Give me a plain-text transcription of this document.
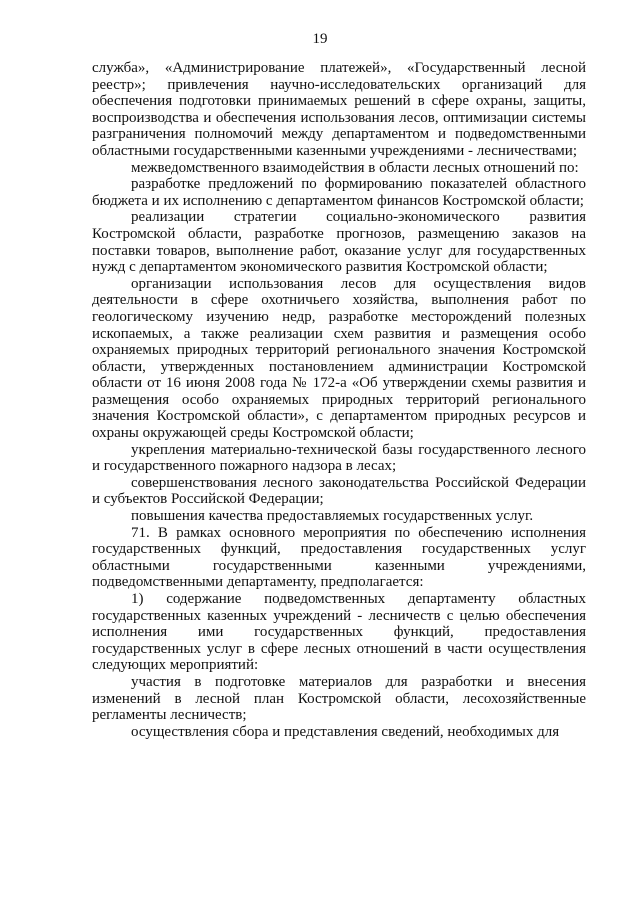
19

служба», «Администрирование платежей», «Государственный лесной реестр»; привлечения научно-исследовательских организаций для обеспечения подготовки принимаемых решений в сфере охраны, защиты, воспроизводства и обеспечения использования лесов, оптимизации системы разграничения полномочий между департаментом и подведомственными областными государственными казенными учреждениями - лесничествами;

межведомственного взаимодействия в области лесных отношений по:

разработке предложений по формированию показателей областного бюджета и их исполнению с департаментом финансов Костромской области;

реализации стратегии социально-экономического развития Костромской области, разработке прогнозов, размещению заказов на поставки товаров, выполнение работ, оказание услуг для государственных нужд с департаментом экономического развития Костромской области;

организации использования лесов для осуществления видов деятельности в сфере охотничьего хозяйства, выполнения работ по геологическому изучению недр, разработке месторождений полезных ископаемых, а также реализации схем развития и размещения особо охраняемых природных территорий регионального значения Костромской области, утвержденных постановлением администрации Костромской области от 16 июня 2008 года № 172-а «Об утверждении схемы развития и размещения особо охраняемых природных территорий регионального значения Костромской области», с департаментом природных ресурсов и охраны окружающей среды Костромской области;

укрепления материально-технической базы государственного лесного и государственного пожарного надзора в лесах;

совершенствования лесного законодательства Российской Федерации и субъектов Российской Федерации;

повышения качества предоставляемых государственных услуг.

71. В рамках основного мероприятия по обеспечению исполнения государственных функций, предоставления государственных услуг областными государственными казенными учреждениями, подведомственными департаменту, предполагается:

1) содержание подведомственных департаменту областных государственных казенных учреждений - лесничеств с целью обеспечения исполнения ими государственных функций, предоставления государственных услуг в сфере лесных отношений в части осуществления следующих мероприятий:

участия в подготовке материалов для разработки и внесения изменений в лесной план Костромской области, лесохозяйственные регламенты лесничеств;

осуществления сбора и представления сведений, необходимых для
